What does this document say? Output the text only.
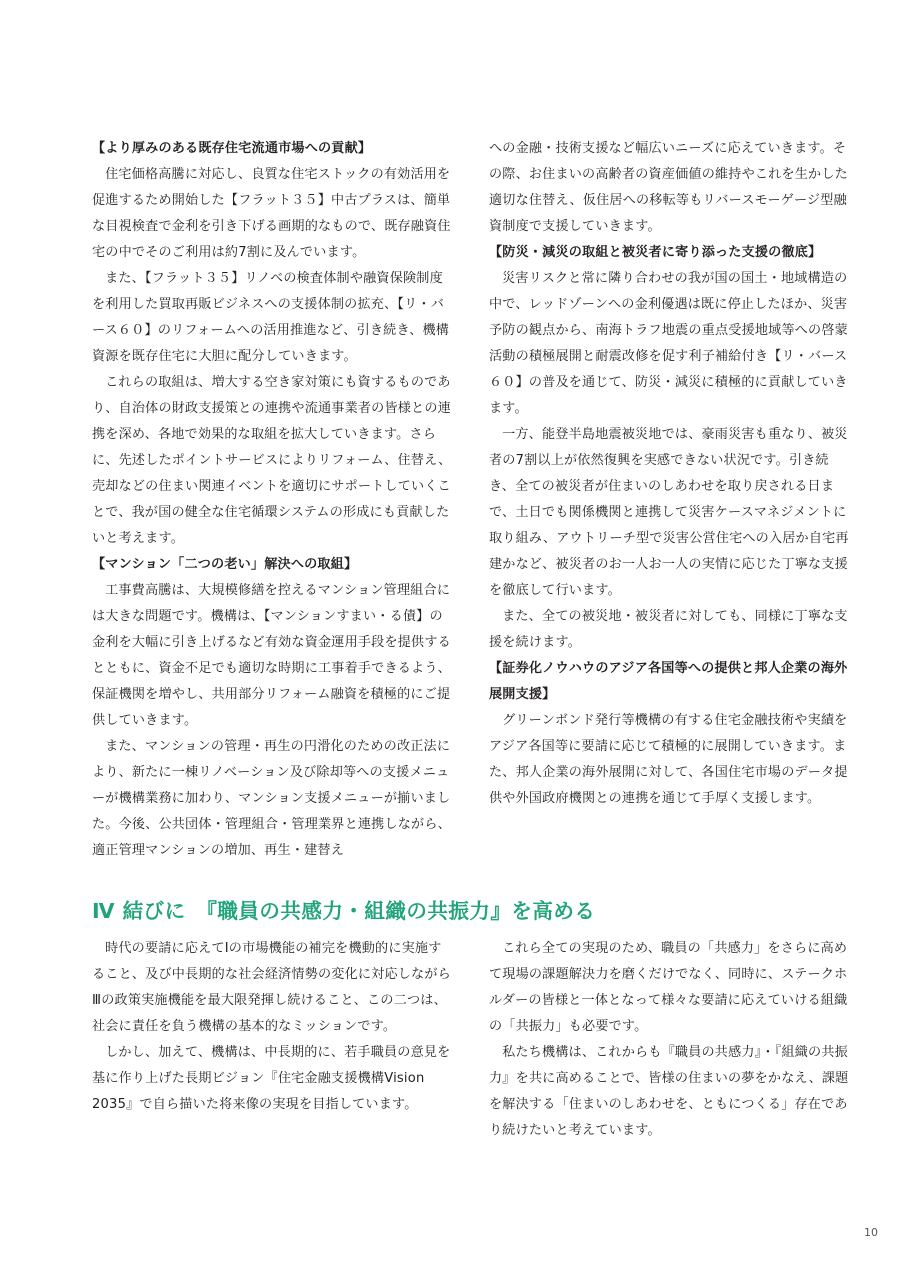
【より厚みのある既存住宅流通市場への貢献】

住宅価格高騰に対応し、良質な住宅ストックの有効活用を促進するため開始した【フラット３５】中古プラスは、簡単な目視検査で金利を引き下げる画期的なもので、既存融資住宅の中でそのご利用は約7割に及んでいます。

また、【フラット３５】リノベの検査体制や融資保険制度を利用した買取再販ビジネスへの支援体制の拡充、【リ・バース６０】のリフォームへの活用推進など、引き続き、機構資源を既存住宅に大胆に配分していきます。

これらの取組は、増大する空き家対策にも資するものであり、自治体の財政支援策との連携や流通事業者の皆様との連携を深め、各地で効果的な取組を拡大していきます。さらに、先述したポイントサービスによりリフォーム、住替え、売却などの住まい関連イベントを適切にサポートしていくことで、我が国の健全な住宅循環システムの形成にも貢献したいと考えます。

【マンション「二つの老い」解決への取組】

工事費高騰は、大規模修繕を控えるマンション管理組合には大きな問題です。機構は、【マンションすまい・る債】の金利を大幅に引き上げるなど有効な資金運用手段を提供するとともに、資金不足でも適切な時期に工事着手できるよう、保証機関を増やし、共用部分リフォーム融資を積極的にご提供していきます。

また、マンションの管理・再生の円滑化のための改正法により、新たに一棟リノベーション及び除却等への支援メニューが機構業務に加わり、マンション支援メニューが揃いました。今後、公共団体・管理組合・管理業界と連携しながら、適正管理マンションの増加、再生・建替え

への金融・技術支援など幅広いニーズに応えていきます。その際、お住まいの高齢者の資産価値の維持やこれを生かした適切な住替え、仮住居への移転等もリバースモーゲージ型融資制度で支援していきます。

【防災・減災の取組と被災者に寄り添った支援の徹底】

災害リスクと常に隣り合わせの我が国の国土・地域構造の中で、レッドゾーンへの金利優遇は既に停止したほか、災害予防の観点から、南海トラフ地震の重点受援地域等への啓蒙活動の積極展開と耐震改修を促す利子補給付き【リ・バース６０】の普及を通じて、防災・減災に積極的に貢献していきます。

一方、能登半島地震被災地では、豪雨災害も重なり、被災者の7割以上が依然復興を実感できない状況です。引き続き、全ての被災者が住まいのしあわせを取り戻される日まで、土日でも関係機関と連携して災害ケースマネジメントに取り組み、アウトリーチ型で災害公営住宅への入居か自宅再建かなど、被災者のお一人お一人の実情に応じた丁寧な支援を徹底して行います。

また、全ての被災地・被災者に対しても、同様に丁寧な支援を続けます。

【証券化ノウハウのアジア各国等への提供と邦人企業の海外展開支援】

グリーンボンド発行等機構の有する住宅金融技術や実績をアジア各国等に要請に応じて積極的に展開していきます。また、邦人企業の海外展開に対して、各国住宅市場のデータ提供や外国政府機関との連携を通じて手厚く支援します。

Ⅳ 結びに　『職員の共感力・組織の共振力』を高める

時代の要請に応えてⅠの市場機能の補完を機動的に実施すること、及び中長期的な社会経済情勢の変化に対応しながらⅢの政策実施機能を最大限発揮し続けること、この二つは、社会に責任を負う機構の基本的なミッションです。

しかし、加えて、機構は、中長期的に、若手職員の意見を基に作り上げた長期ビジョン『住宅金融支援機構Vision 2035』で自ら描いた将来像の実現を目指しています。

これら全ての実現のため、職員の「共感力」をさらに高めて現場の課題解決力を磨くだけでなく、同時に、ステークホルダーの皆様と一体となって様々な要請に応えていける組織の「共振力」も必要です。

私たち機構は、これからも『職員の共感力』・『組織の共振力』を共に高めることで、皆様の住まいの夢をかなえ、課題を解決する「住まいのしあわせを、ともにつくる」存在であり続けたいと考えています。

10
